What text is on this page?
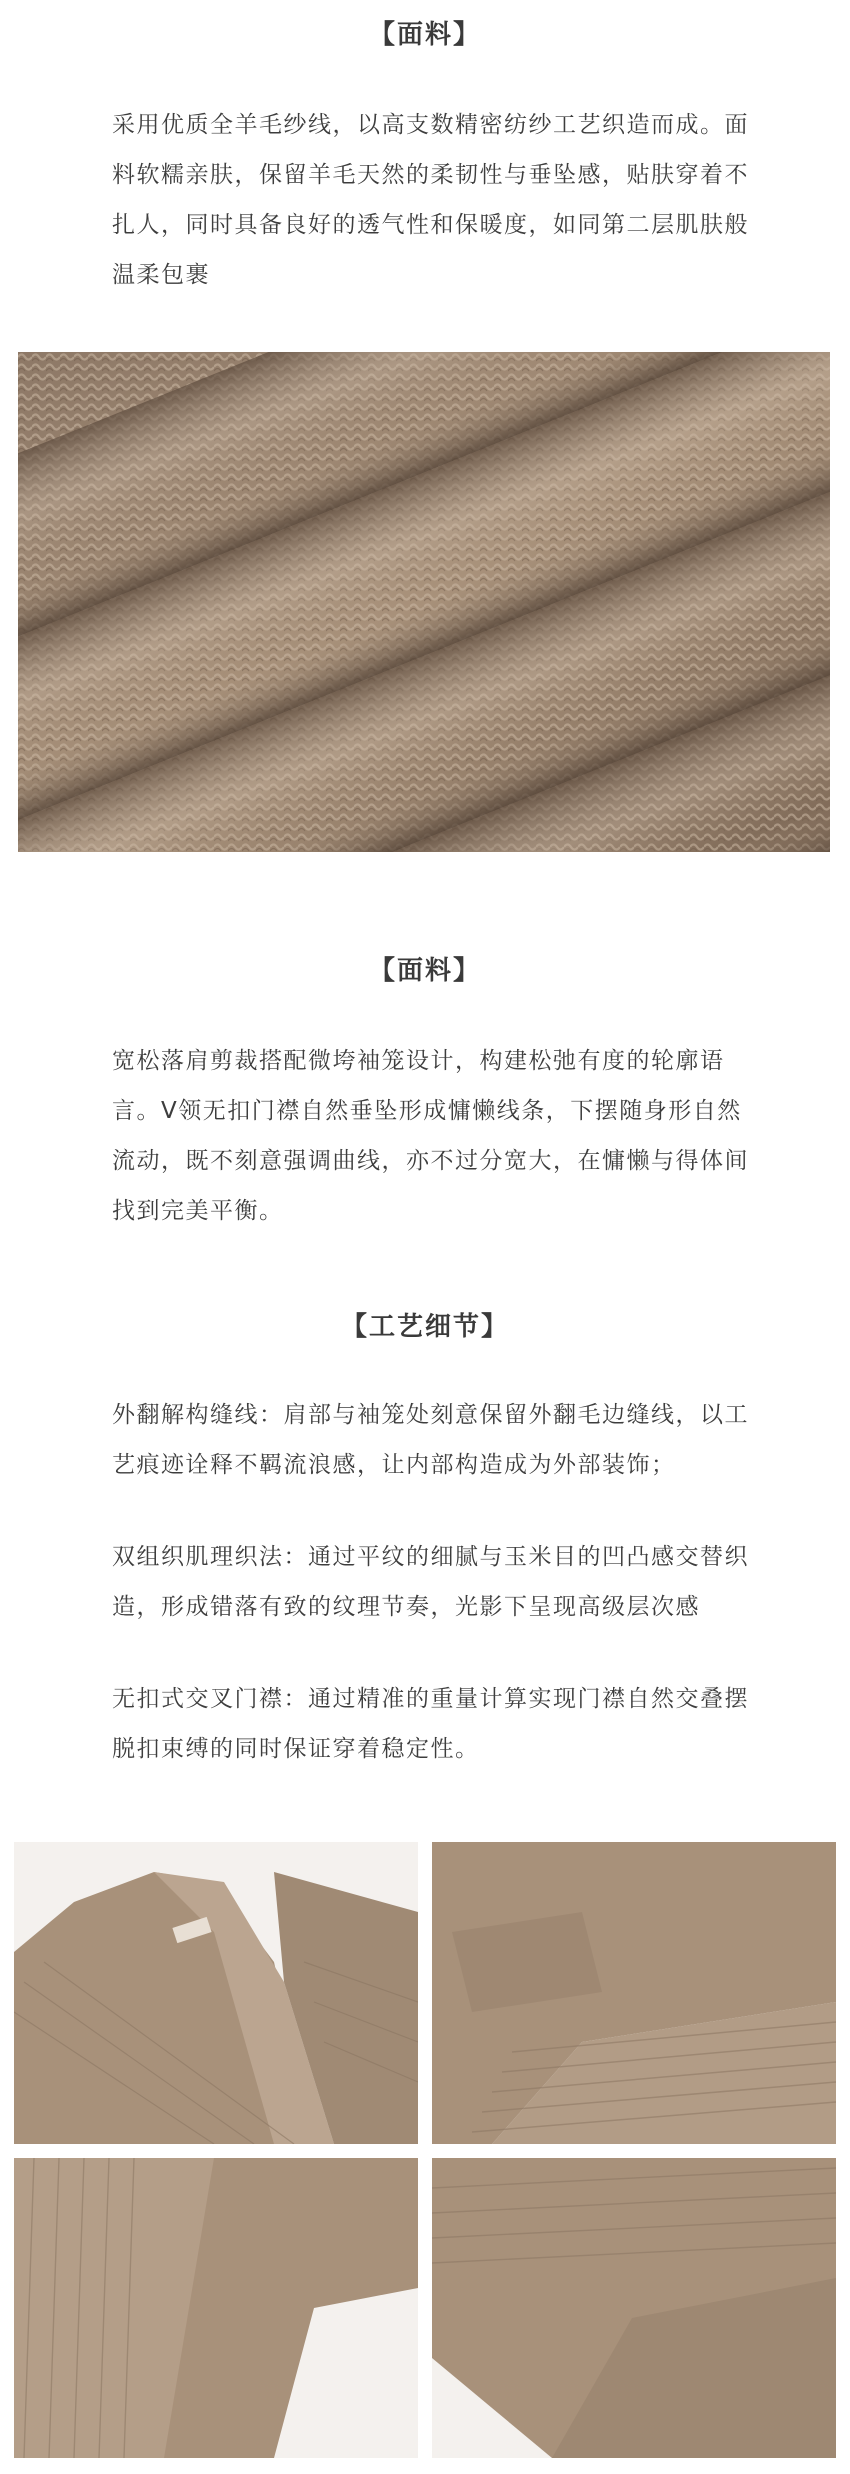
【面料】

采用优质全羊毛纱线，以高支数精密纺纱工艺织造而成。面料软糯亲肤，保留羊毛天然的柔韧性与垂坠感，贴肤穿着不扎人，同时具备良好的透气性和保暖度，如同第二层肌肤般温柔包裹

【面料】

宽松落肩剪裁搭配微垮袖笼设计，构建松弛有度的轮廓语言。V领无扣门襟自然垂坠形成慵懒线条，下摆随身形自然流动，既不刻意强调曲线，亦不过分宽大，在慵懒与得体间找到完美平衡。

【工艺细节】

外翻解构缝线：肩部与袖笼处刻意保留外翻毛边缝线，以工艺痕迹诠释不羁流浪感，让内部构造成为外部装饰；

双组织肌理织法：通过平纹的细腻与玉米目的凹凸感交替织造，形成错落有致的纹理节奏，光影下呈现高级层次感

无扣式交叉门襟：通过精准的重量计算实现门襟自然交叠摆脱扣束缚的同时保证穿着稳定性。
